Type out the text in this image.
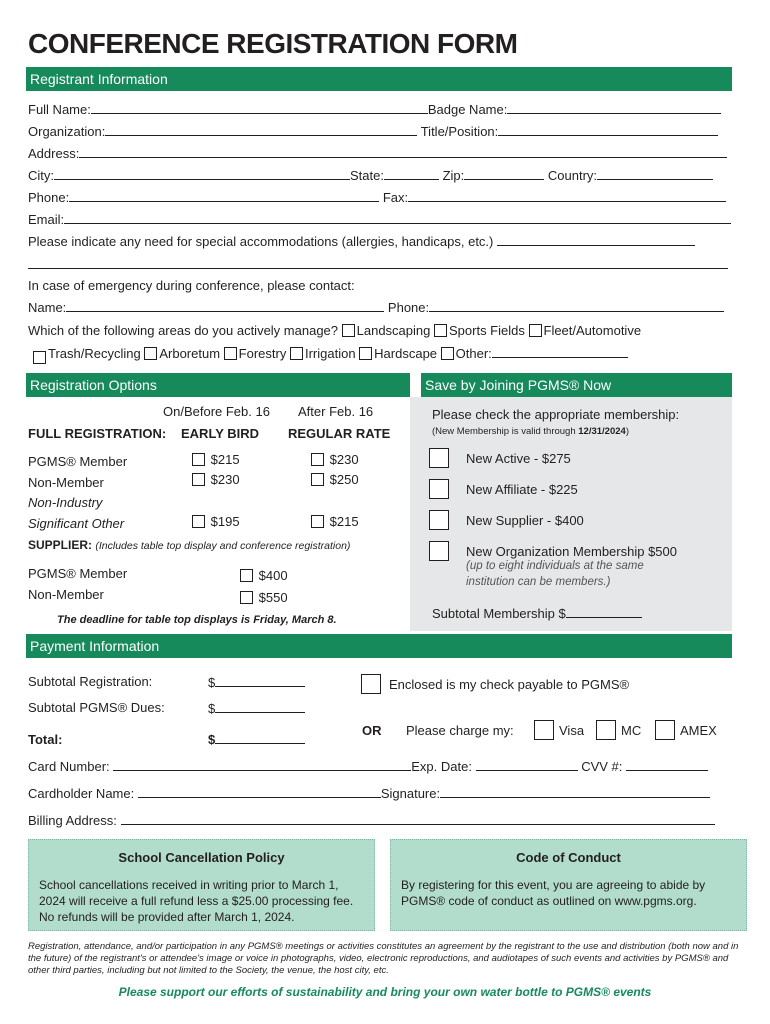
CONFERENCE REGISTRATION FORM
Registrant Information
Full Name:	Badge Name:
Organization:	Title/Position:
Address:
City:	State:	Zip:	Country:
Phone:	Fax:
Email:
Please indicate any need for special accommodations (allergies, handicaps, etc.)
In case of emergency during conference, please contact:
Name:	Phone:
Which of the following areas do you actively manage? Landscaping Sports Fields Fleet/Automotive
Trash/Recycling Arboretum Forestry Irrigation Hardscape Other:
Registration Options	Save by Joining PGMS® Now
On/Before Feb. 16 After Feb. 16
FULL REGISTRATION: EARLY BIRD REGULAR RATE
PGMS® Member	$215	$230
Non-Member	$230	$250
Non-Industry
Significant Other	$195	$215
SUPPLIER: (Includes table top display and conference registration)
PGMS® Member	$400
Non-Member	$550
The deadline for table top displays is Friday, March 8.
Please check the appropriate membership:
(New Membership is valid through 12/31/2024)
New Active - $275
New Affiliate - $225
New Supplier - $400
New Organization Membership $500
(up to eight individuals at the same
institution can be members.)
Subtotal Membership $
Payment Information
Subtotal Registration:	$
Subtotal PGMS® Dues:	$
Total:	$
Enclosed is my check payable to PGMS®
OR Please charge my:	Visa	MC	AMEX
Card Number:	Exp. Date:	CVV #:
Cardholder Name:	Signature:
Billing Address:
School Cancellation Policy

School cancellations received in writing prior to March 1, 2024 will receive a full refund less a $25.00 processing fee. No refunds will be provided after March 1, 2024.

Code of Conduct

By registering for this event, you are agreeing to abide by PGMS® code of conduct as outlined on www.pgms.org.

Registration, attendance, and/or participation in any PGMS® meetings or activities constitutes an agreement by the registrant to the use and distribution (both now and in the future) of the registrant's or attendee's image or voice in photographs, video, electronic reproductions, and audiotapes of such events and activities by PGMS® and other third parties, including but not limited to the Society, the venue, the host city, etc.
Please support our efforts of sustainability and bring your own water bottle to PGMS® events
